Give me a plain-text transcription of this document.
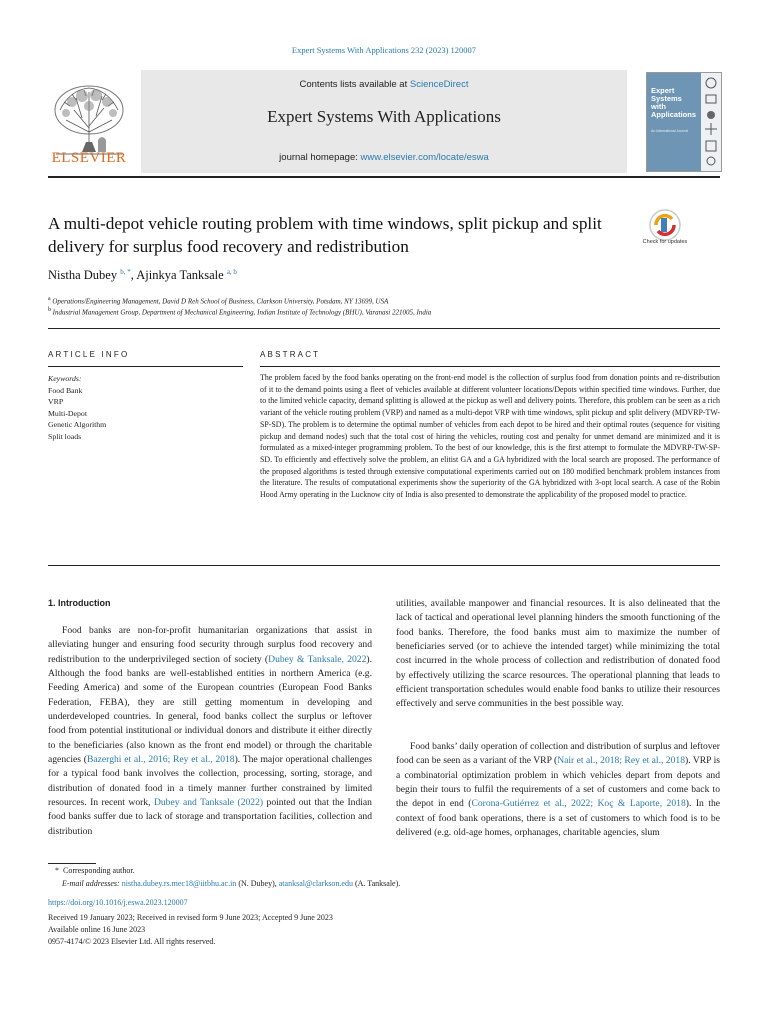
Expert Systems With Applications 232 (2023) 120007
Contents lists available at ScienceDirect
Expert Systems With Applications
journal homepage: www.elsevier.com/locate/eswa
ELSEVIER
Expert Systems with Applications
An International Journal
A multi-depot vehicle routing problem with time windows, split pickup and split delivery for surplus food recovery and redistribution	Check for updates
Nistha Dubey $^{b, *}$, Ajinkya Tanksale $^{a, b}$
$^a$ Operations/Engineering Management, David D Reh School of Business, Clarkson University, Potsdam, NY 13699, USA
$^b$ Industrial Management Group, Department of Mechanical Engineering, Indian Institute of Technology (BHU), Varanasi 221005, India
ARTICLE INFO	ABSTRACT
Keywords:
Food Bank
VRP
Multi-Depot
Genetic Algorithm
Split loads
The problem faced by the food banks operating on the front-end model is the collection of surplus food from donation points and re-distribution of it to the demand points using a fleet of vehicles available at different volunteer locations/Depots within specified time windows. Further, due to the limited vehicle capacity, demand splitting is allowed at the pickup as well and delivery points. Therefore, this problem can be seen as a rich variant of the vehicle routing problem (VRP) and named as a multi-depot VRP with time windows, split pickup and split delivery (MDVRP-TW-SP-SD). The problem is to determine the optimal number of vehicles from each depot to be hired and their optimal routes (sequence for visiting pickup and demand nodes) such that the total cost of hiring the vehicles, routing cost and penalty for unmet demand are minimized and it is formulated as a mixed-integer programming problem. To the best of our knowledge, this is the first attempt to formulate the MDVRP-TW-SP-SD. To efficiently and effectively solve the problem, an elitist GA and a GA hybridized with the local search are proposed. The performance of the proposed algorithms is tested through extensive computational experiments carried out on 180 modified benchmark problem instances from the literature. The results of computational experiments show the superiority of the GA hybridized with 3-opt local search. A case of the Robin Hood Army operating in the Lucknow city of India is also presented to demonstrate the applicability of the proposed model to practice.
1. Introduction
Food banks are non-for-profit humanitarian organizations that assist in alleviating hunger and ensuring food security through surplus food recovery and redistribution to the underprivileged section of society (Dubey & Tanksale, 2022). Although the food banks are well-established entities in northern America (e.g. Feeding America) and some of the European countries (European Food Banks Federation, FEBA), they are still getting momentum in developing and underdeveloped countries. In general, food banks collect the surplus or leftover food from potential institutional or individual donors and distribute it either directly to the beneficiaries (also known as the front end model) or through the charitable agencies (Bazerghi et al., 2016; Rey et al., 2018). The major operational challenges for a typical food bank involves the collection, processing, sorting, storage, and distribution of donated food in a timely manner further constrained by limited resources. In recent work, Dubey and Tanksale (2022) pointed out that the Indian food banks suffer due to lack of storage and transportation facilities, collection and distribution
utilities, available manpower and financial resources. It is also delineated that the lack of tactical and operational level planning hinders the smooth functioning of the food banks. Therefore, the food banks must aim to maximize the number of beneficiaries served (or to achieve the intended target) while minimizing the total cost incurred in the whole process of collection and redistribution of donated food by effectively utilizing the scarce resources. The operational planning that leads to efficient transportation schedules would enable food banks to utilize their resources effectively and serve communities in the best possible way.
Food banks’ daily operation of collection and distribution of surplus and leftover food can be seen as a variant of the VRP (Nair et al., 2018; Rey et al., 2018). VRP is a combinatorial optimization problem in which vehicles depart from depots and begin their tours to fulfil the requirements of a set of customers and come back to the depot in end (Corona-Gutiérrez et al., 2022; Koç & Laporte, 2018). In the context of food bank operations, there is a set of customers to which food is to be delivered (e.g. old-age homes, orphanages, charitable agencies, slum
* Corresponding author.
E-mail addresses: nistha.dubey.rs.mec18@iitbhu.ac.in (N. Dubey), atanksal@clarkson.edu (A. Tanksale).
https://doi.org/10.1016/j.eswa.2023.120007
Received 19 January 2023; Received in revised form 9 June 2023; Accepted 9 June 2023
Available online 16 June 2023
0957-4174/© 2023 Elsevier Ltd. All rights reserved.
